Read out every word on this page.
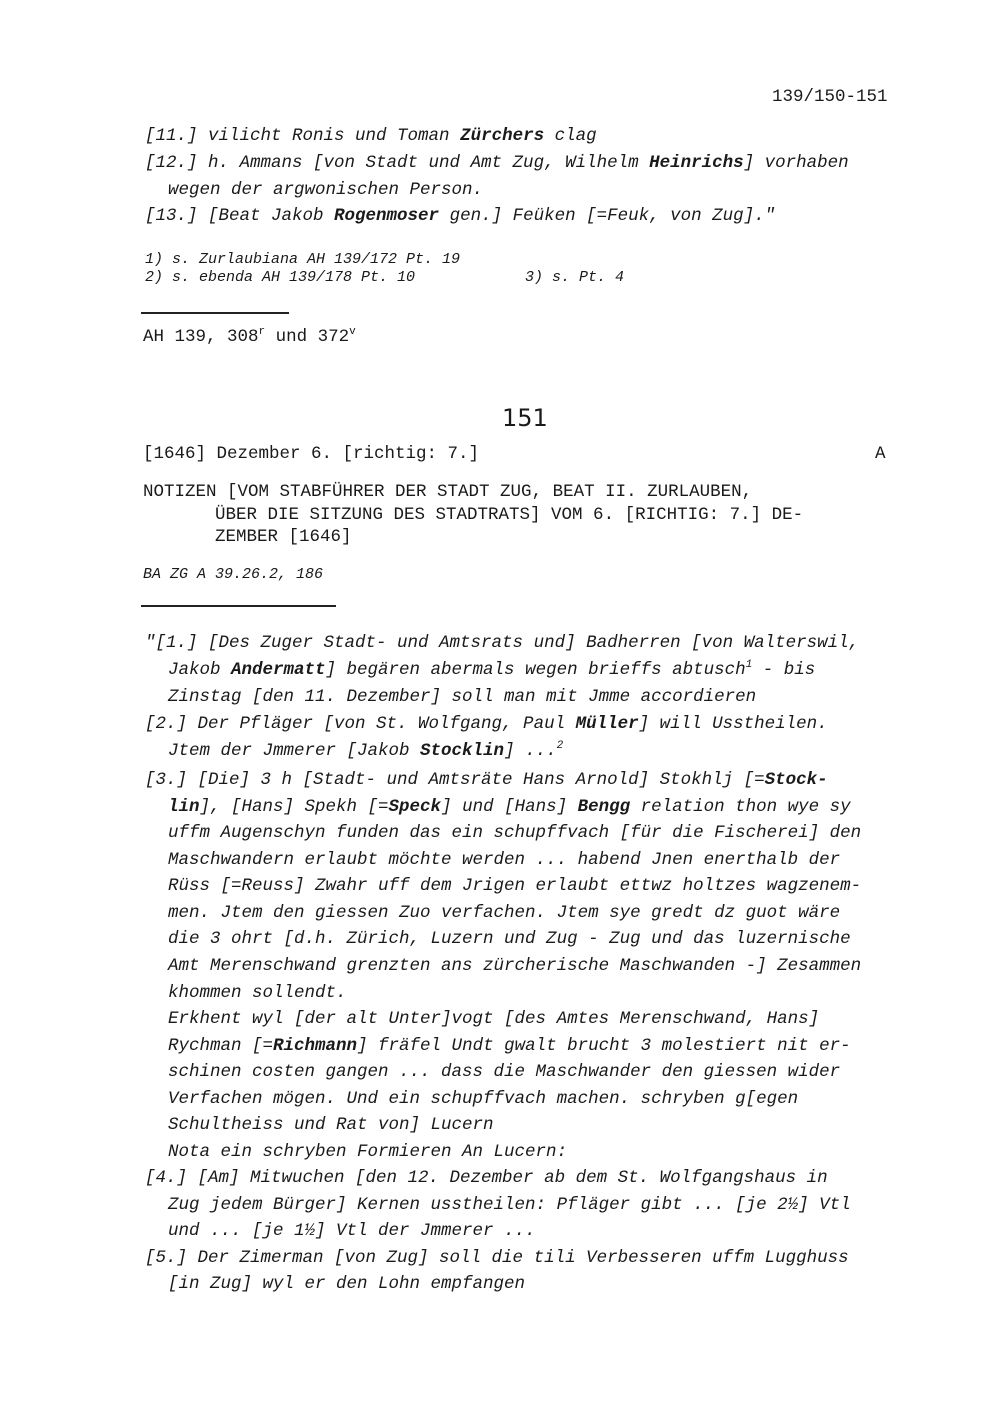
139/150-151
[11.] vilicht Ronis und Toman Zürchers clag
[12.] h. Ammans [von Stadt und Amt Zug, Wilhelm Heinrichs] vorhaben
wegen der argwonischen Person.
[13.] [Beat Jakob Rogenmoser gen.] Feüken [=Feuk, von Zug]."
1) s. Zurlaubiana AH 139/172 Pt. 19
2) s. ebenda AH 139/178 Pt. 10	3) s. Pt. 4
AH 139, 308$^r$ und 372$^v$
151
[1646] Dezember 6. [richtig: 7.]	A
NOTIZEN [VOM STABFÜHRER DER STADT ZUG, BEAT II. ZURLAUBEN,
ÜBER DIE SITZUNG DES STADTRATS] VOM 6. [RICHTIG: 7.] DE-
ZEMBER [1646]
BA ZG A 39.26.2, 186
"[1.] [Des Zuger Stadt- und Amtsrats und] Badherren [von Walterswil,
Jakob Andermatt] begären abermals wegen brieffs abtusch$^1$ - bis
Zinstag [den 11. Dezember] soll man mit Jmme accordieren
[2.] Der Pfläger [von St. Wolfgang, Paul Müller] will Usstheilen.
Jtem der Jmmerer [Jakob Stocklin] ...$^2$
[3.] [Die] 3 h [Stadt- und Amtsräte Hans Arnold] Stokhlj [=Stock-
lin], [Hans] Spekh [=Speck] und [Hans] Bengg relation thon wye sy
uffm Augenschyn funden das ein schupffvach [für die Fischerei] den
Maschwandern erlaubt möchte werden ... habend Jnen enerthalb der
Rüss [=Reuss] Zwahr uff dem Jrigen erlaubt ettwz holtzes wagzenem-
men. Jtem den giessen Zuo verfachen. Jtem sye gredt dz guot wäre
die 3 ohrt [d.h. Zürich, Luzern und Zug - Zug und das luzernische
Amt Merenschwand grenzten ans zürcherische Maschwanden -] Zesammen
khommen sollendt.
Erkhent wyl [der alt Unter]vogt [des Amtes Merenschwand, Hans]
Rychman [=Richmann] fräfel Undt gwalt brucht 3 molestiert nit er-
schinen costen gangen ... dass die Maschwander den giessen wider
Verfachen mögen. Und ein schupffvach machen. schryben g[egen
Schultheiss und Rat von] Lucern
Nota ein schryben Formieren An Lucern:
[4.] [Am] Mitwuchen [den 12. Dezember ab dem St. Wolfgangshaus in
Zug jedem Bürger] Kernen usstheilen: Pfläger gibt ... [je 2½] Vtl
und ... [je 1½] Vtl der Jmmerer ...
[5.] Der Zimerman [von Zug] soll die tili Verbesseren uffm Lugghuss
[in Zug] wyl er den Lohn empfangen
